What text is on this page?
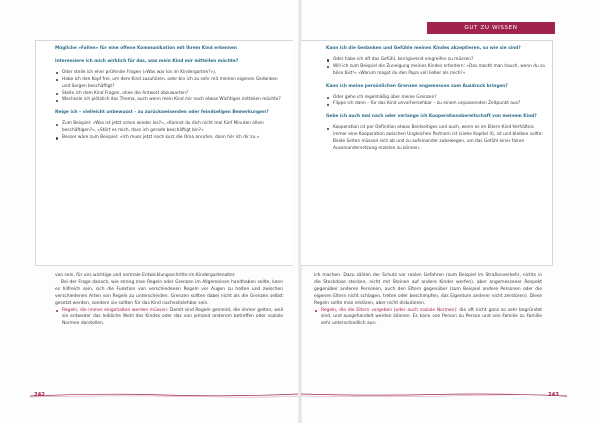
GUT ZU WISSEN

Mögliche »Fallen« für eine offene Kommunikation mit Ihrem Kind erkennen

Interessiere ich mich wirklich für das, was mein Kind mir mitteilen möchte?

Oder stelle ich eher prüfende Fragen (»Was war los im Kindergarten?«),

Habe ich den Kopf frei, um dem Kind zuzuhören, oder bin ich zu sehr mit meinen eigenen Gedanken und Sorgen beschäftigt?

Stelle ich dem Kind Fragen, ohne die Antwort abzuwarten?

Wechsele ich plötzlich das Thema, auch wenn mein Kind mir noch etwas Wichtiges mitteilen möchte?

Neige ich – vielleicht unbewusst – zu zurückweisenden oder feindseligen Bemerkungen?

Zum Beispiel: »Was ist jetzt schon wieder los?«, »Kannst du dich nicht mal fünf Minuten allein beschäftigen?«, »Stört es mich, dass ich gerade beschäftigt bin?«

Besser wäre zum Beispiel: »Ich muss jetzt noch kurz die Oma anrufen, dann hör ich dir zu.«

Kann ich die Gedanken und Gefühle meines Kindes akzeptieren, so wie sie sind?

Oder habe ich oft das Gefühl, korrigierend eingreifen zu müssen?

Will ich zum Beispiel die Zuneigung meines Kindes erfordern: »Das macht man hauch, wenn du so böse bist!« »Warum magst du den Papa voll lieber als mich?«

Kann ich meine persönlichen Grenzen angemessen zum Ausdruck bringen?

Oder gehe ich regelmäßig über meine Grenzen?

Flippe ich dann – für das Kind unvorhersehbar – zu einem unpassenden Zeitpunkt aus?

Gebe ich auch mal nach oder verlange ich Kooperationsbereitschaft von meinem Kind?

Kooperation ist per Definition etwas Beidseitiges und auch, wenn es im Eltern-Kind-Verhältnis immer eine Kooperation zwischen Ungleichen Partnern ist (siehe Kapitel 4), ist und bleiben sollte: Beide Seiten müssen sich ab und zu aufeinander zubewegen, um das Gefühl einer fairen Auseinandersetzung erzielen zu können.

von sein, für uns wichtige und normale Entwicklungsschritte im Kindergartenalter.

Bei der Frage danach, wie streng man Regeln oder Grenzen im Allgemeinen handhaben sollte, kann es hilfreich sein, sich die Funktion von verschiedenen Regeln vor Augen zu halten und zwischen verschiedenen Arten von Regeln zu unterscheiden. Grenzen sollten dabei nicht als die Grenzen selbst gesetzt werden, sondern sie sollten für das Kind nachvollziehbar sein.

Regeln, die immer eingehalten werden müssen: Damit sind Regeln gemeint, die immer gelten, weil sie entweder das leibliche Wohl des Kindes oder das von jemand anderem betreffen oder soziale Normen darstellen.

ich machen. Dazu zählen der Schutz vor realen Gefahren (zum Beispiel im Straßenverkehr, nichts in die Steckdose stecken, nicht mit Steinen auf andere Kinder werfen), aber angemessener Respekt gegenüber anderen Personen, auch den Eltern gegenüber (zum Beispiel andere Personen oder die eigenen Eltern nicht schlagen, treten oder beschimpfen, das Eigentum anderer nicht zerstören). Diese Regeln sollte man erklären, aber nicht diskutieren.

Regeln, die die Eltern vorgeben (oder auch soziale Normen): die oft nicht ganz so sehr begründet sind, und ausgehandelt werden können. Es kann von Person zu Person und von Familie zu Familie sehr unterschiedlich aus-

242	243
